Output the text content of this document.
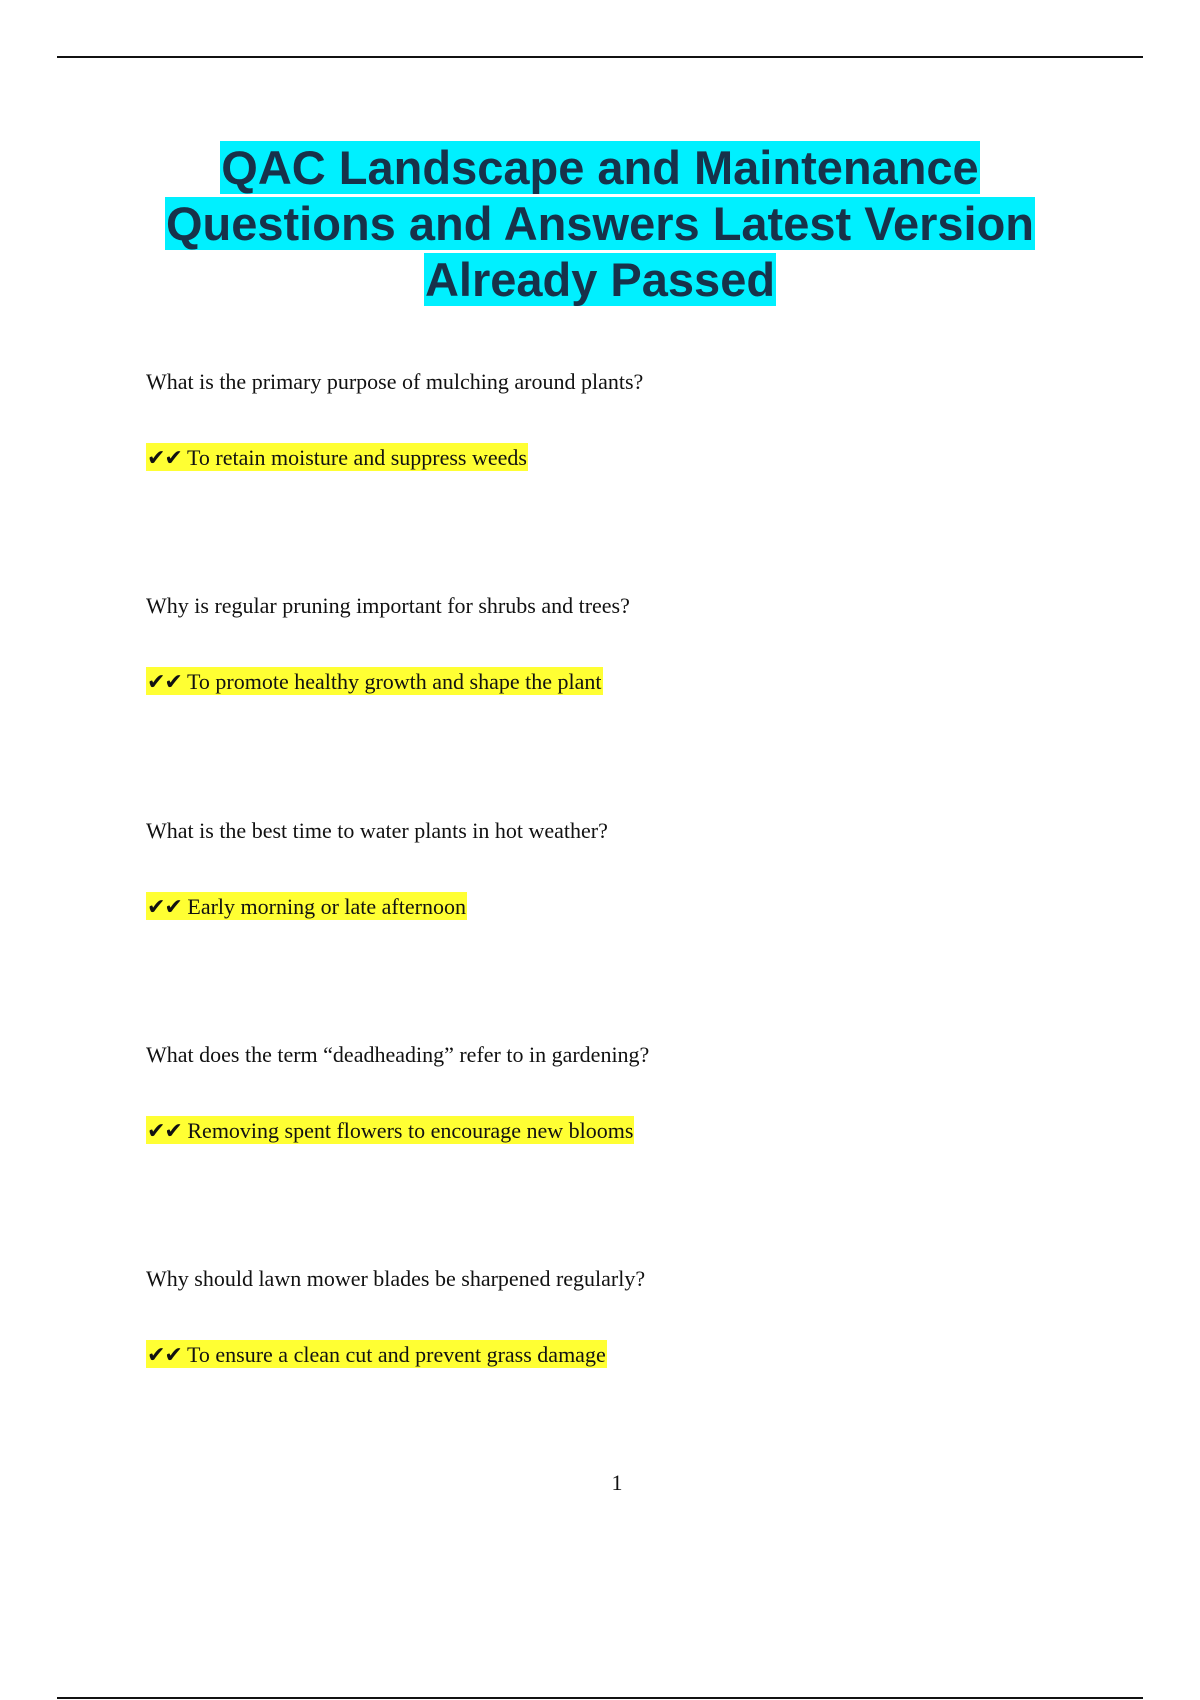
QAC Landscape and Maintenance
Questions and Answers Latest Version
Already Passed

What is the primary purpose of mulching around plants?

✔✔ To retain moisture and suppress weeds

Why is regular pruning important for shrubs and trees?

✔✔ To promote healthy growth and shape the plant

What is the best time to water plants in hot weather?

✔✔ Early morning or late afternoon

What does the term “deadheading” refer to in gardening?

✔✔ Removing spent flowers to encourage new blooms

Why should lawn mower blades be sharpened regularly?

✔✔ To ensure a clean cut and prevent grass damage
1
